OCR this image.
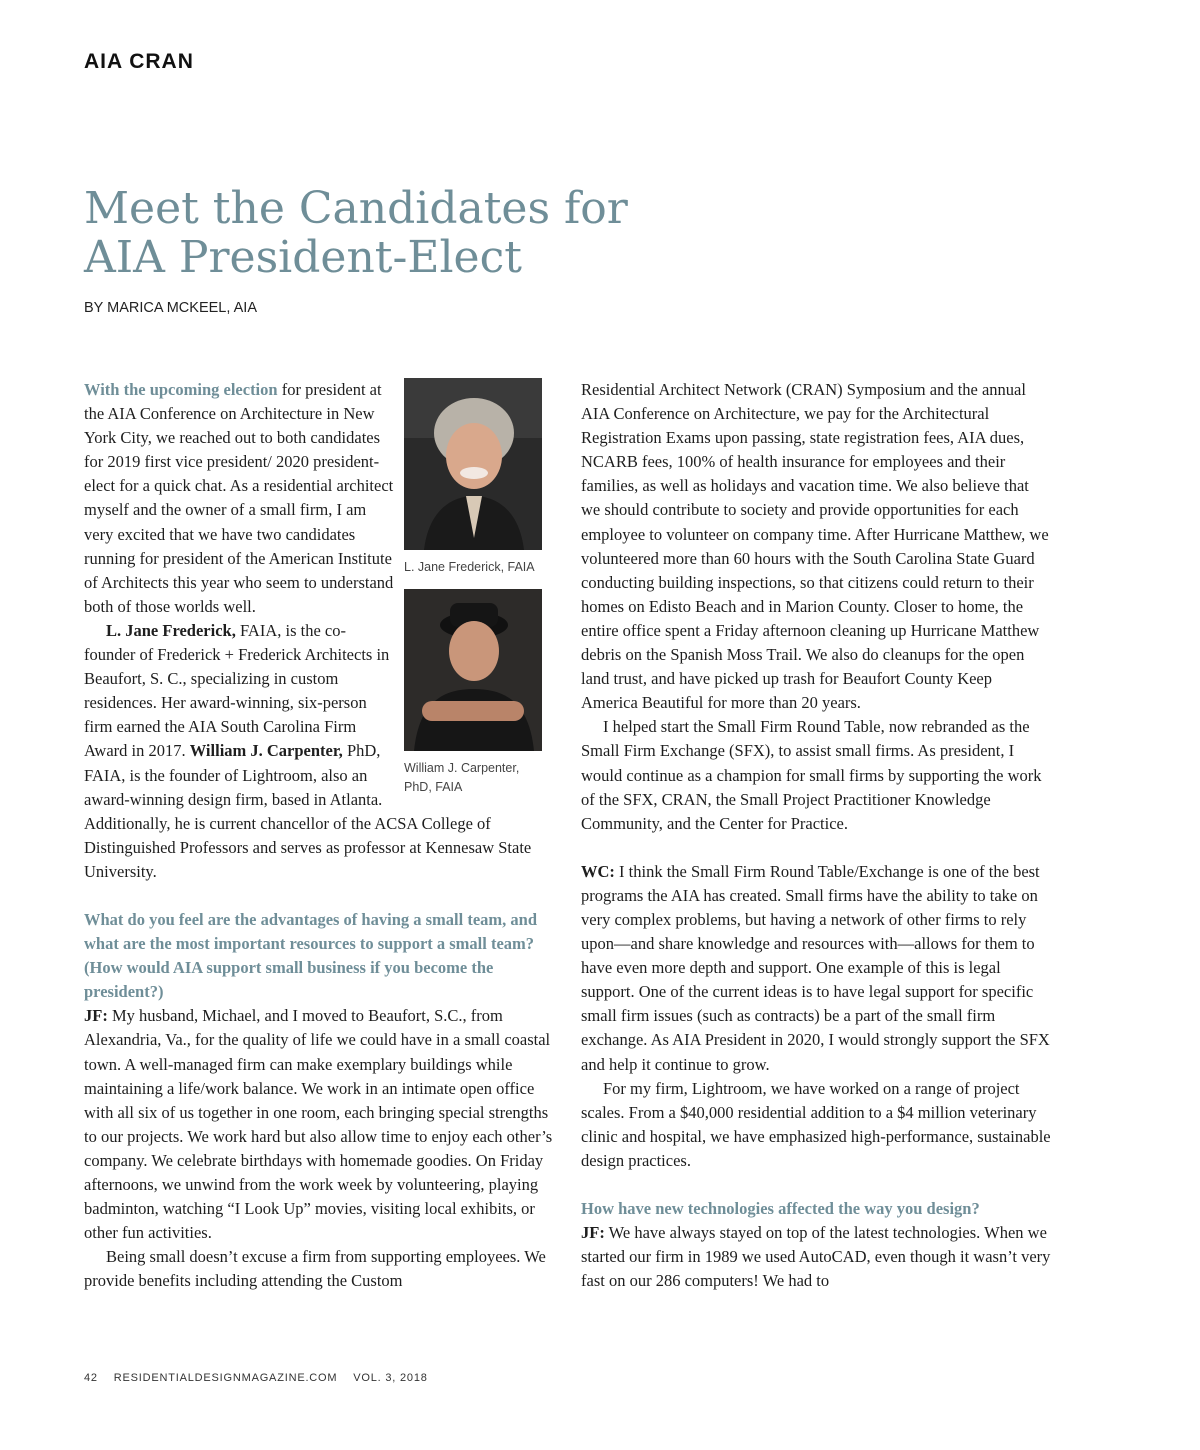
AIA CRAN
Meet the Candidates for
AIA President-Elect
BY MARICA MCKEEL, AIA
L. Jane Frederick, FAIA
William J. Carpenter, PhD, FAIA

With the upcoming election for president at the AIA Conference on Architecture in New York City, we reached out to both candidates for 2019 first vice president/ 2020 president-elect for a quick chat. As a residential architect myself and the owner of a small firm, I am very excited that we have two candidates running for president of the American Institute of Architects this year who seem to understand both of those worlds well.

L. Jane Frederick, FAIA, is the co-founder of Frederick + Frederick Architects in Beaufort, S. C., specializing in custom residences. Her award-winning, six-person firm earned the AIA South Carolina Firm Award in 2017. William J. Carpenter, PhD, FAIA, is the founder of Lightroom, also an award-winning design firm, based in Atlanta. Additionally, he is current chancellor of the ACSA College of Distinguished Professors and serves as professor at Kennesaw State University.

What do you feel are the advantages of having a small team, and what are the most important resources to support a small team? (How would AIA support small business if you become the president?)

JF: My husband, Michael, and I moved to Beaufort, S.C., from Alexandria, Va., for the quality of life we could have in a small coastal town. A well-managed firm can make exemplary buildings while maintaining a life/work balance. We work in an intimate open office with all six of us together in one room, each bringing special strengths to our projects. We work hard but also allow time to enjoy each other’s company. We celebrate birthdays with homemade goodies. On Friday afternoons, we unwind from the work week by volunteering, playing badminton, watching “I Look Up” movies, visiting local exhibits, or other fun activities.

Being small doesn’t excuse a firm from supporting employees. We provide benefits including attending the Custom

Residential Architect Network (CRAN) Symposium and the annual AIA Conference on Architecture, we pay for the Architectural Registration Exams upon passing, state registration fees, AIA dues, NCARB fees, 100% of health insurance for employees and their families, as well as holidays and vacation time. We also believe that we should contribute to society and provide opportunities for each employee to volunteer on company time. After Hurricane Matthew, we volunteered more than 60 hours with the South Carolina State Guard conducting building inspections, so that citizens could return to their homes on Edisto Beach and in Marion County. Closer to home, the entire office spent a Friday afternoon cleaning up Hurricane Matthew debris on the Spanish Moss Trail. We also do cleanups for the open land trust, and have picked up trash for Beaufort County Keep America Beautiful for more than 20 years.

I helped start the Small Firm Round Table, now rebranded as the Small Firm Exchange (SFX), to assist small firms. As president, I would continue as a champion for small firms by supporting the work of the SFX, CRAN, the Small Project Practitioner Knowledge Community, and the Center for Practice.

WC: I think the Small Firm Round Table/Exchange is one of the best programs the AIA has created. Small firms have the ability to take on very complex problems, but having a network of other firms to rely upon—and share knowledge and resources with—allows for them to have even more depth and support. One example of this is legal support. One of the current ideas is to have legal support for specific small firm issues (such as contracts) be a part of the small firm exchange. As AIA President in 2020, I would strongly support the SFX and help it continue to grow.

For my firm, Lightroom, we have worked on a range of project scales. From a $40,000 residential addition to a $4 million veterinary clinic and hospital, we have emphasized high-performance, sustainable design practices.

How have new technologies affected the way you design?

JF: We have always stayed on top of the latest technologies. When we started our firm in 1989 we used AutoCAD, even though it wasn’t very fast on our 286 computers! We had to

42 RESIDENTIALDESIGNMAGAZINE.COM VOL. 3, 2018
